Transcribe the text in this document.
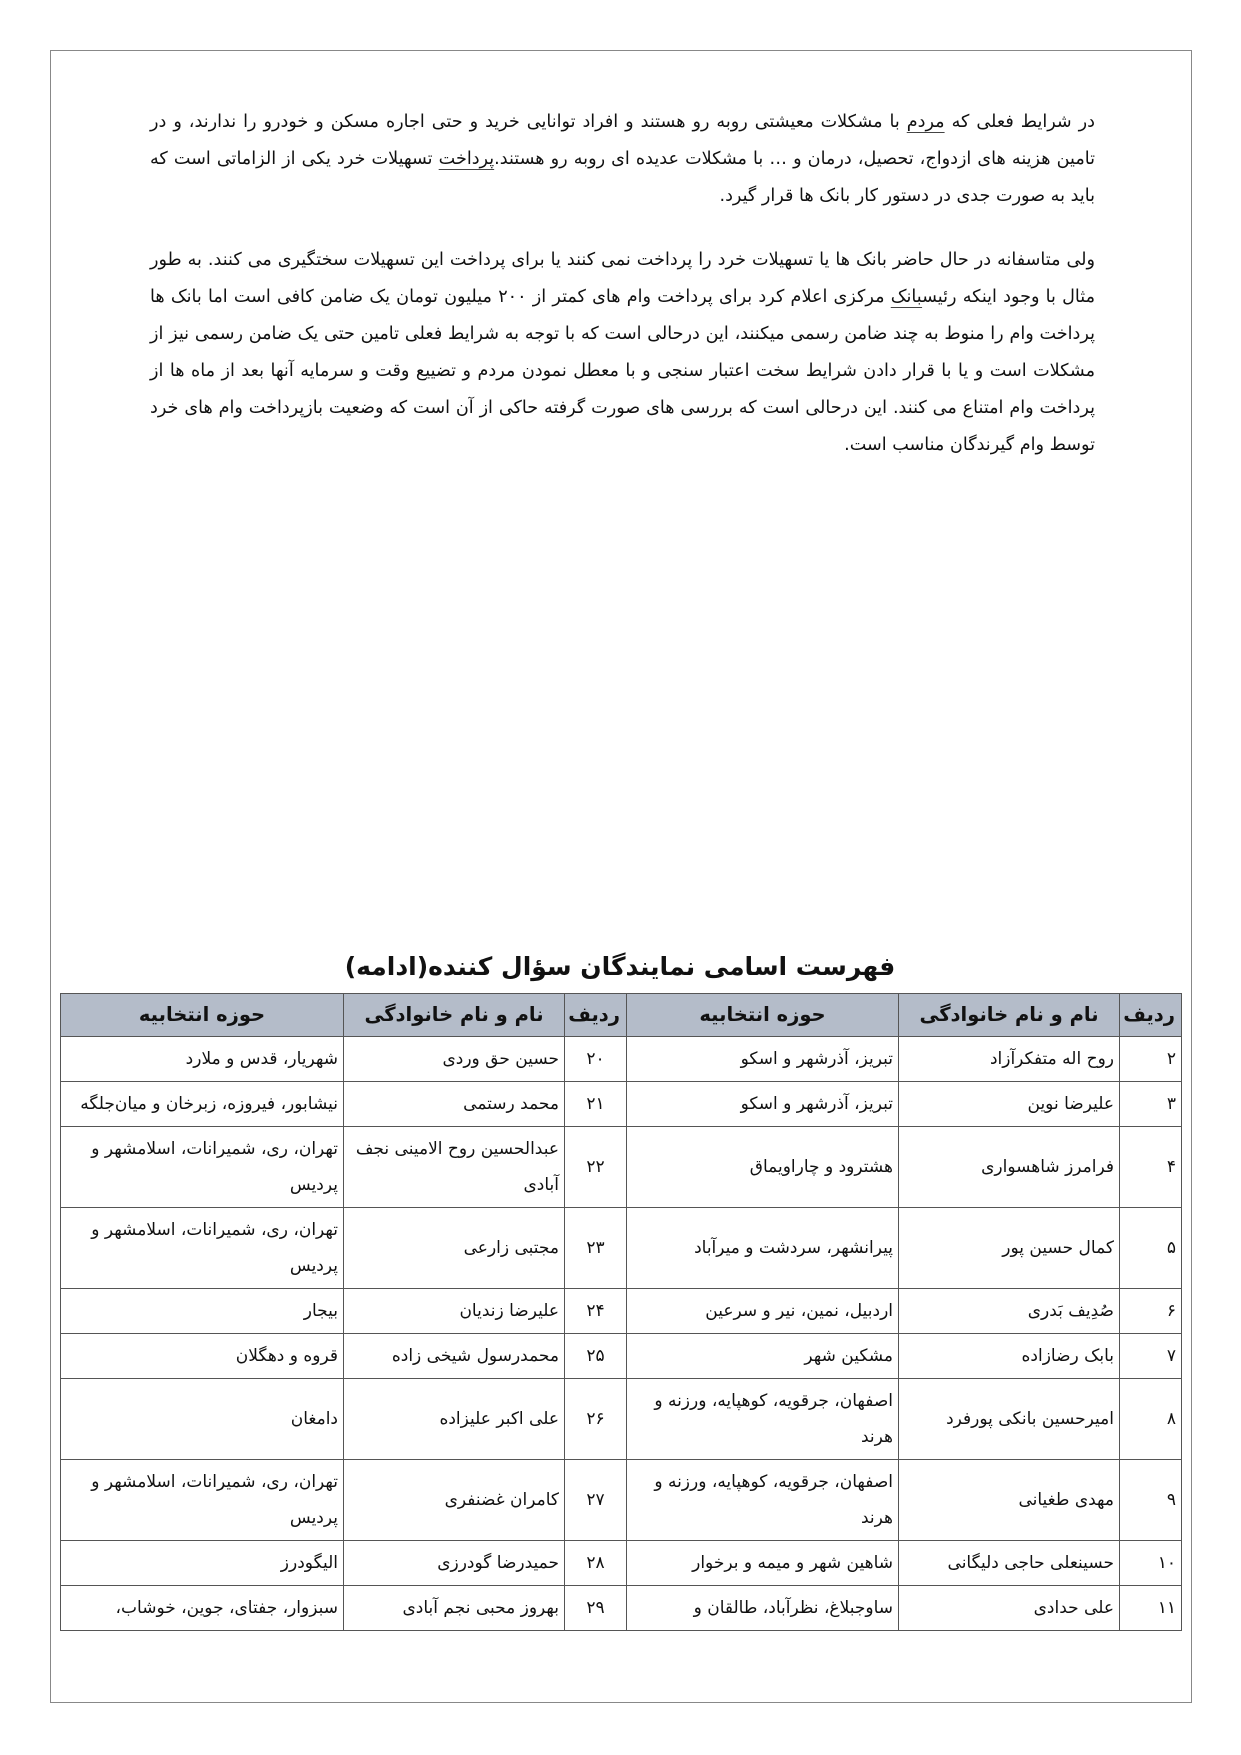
در شرایط فعلی که مردم با مشکلات معیشتی روبه رو هستند و افراد توانایی خرید و حتی اجاره مسکن و خودرو را ندارند، و در تامین هزینه های ازدواج، تحصیل، درمان و … با مشکلات عدیده ای روبه رو هستند.پرداخت تسهیلات خرد یکی از الزاماتی است که باید به صورت جدی در دستور کار بانک ها قرار گیرد.

ولی متاسفانه در حال حاضر بانک ها یا تسهیلات خرد را پرداخت نمی کنند یا برای پرداخت این تسهیلات سختگیری می کنند. به طور مثال با وجود اینکه رئیسبانک مرکزی اعلام کرد برای پرداخت وام های کمتر از ۲۰۰ میلیون تومان یک ضامن کافی است اما بانک ها پرداخت وام را منوط به چند ضامن رسمی میکنند، این درحالی است که با توجه به شرایط فعلی تامین حتی یک ضامن رسمی نیز از مشکلات است و یا با قرار دادن شرایط سخت اعتبار سنجی و با معطل نمودن مردم و تضییع وقت و سرمایه آنها بعد از ماه ها از پرداخت وام امتناع می کنند. این درحالی است که بررسی های صورت گرفته حاکی از آن است که وضعیت بازپرداخت وام های خرد توسط وام گیرندگان مناسب است.

فهرست اسامی نمایندگان سؤال کننده(ادامه)
ردیف	نام و نام خانوادگی	حوزه انتخابیه	ردیف	نام و نام خانوادگی	حوزه انتخابیه
۲	روح اله متفکرآزاد	تبریز، آذرشهر و اسکو	۲۰	حسین حق وردی	شهریار، قدس و ملارد
۳	علیرضا نوین	تبریز، آذرشهر و اسکو	۲۱	محمد رستمی	نیشابور، فیروزه، زبرخان و میان‌جلگه
۴	فرامرز شاهسواری	هشترود و چاراویماق	۲۲	عبدالحسین روح الامینی نجف آبادی	تهران، ری، شمیرانات، اسلامشهر و پردیس
۵	کمال حسین پور	پیرانشهر، سردشت و میرآباد	۲۳	مجتبی زارعی	تهران، ری، شمیرانات، اسلامشهر و پردیس
۶	صُدِیف بَدری	اردبیل، نمین، نیر و سرعین	۲۴	علیرضا زندیان	بیجار
۷	بابک رضازاده	مشکین شهر	۲۵	محمدرسول شیخی زاده	قروه و دهگلان
۸	امیرحسین بانکی پورفرد	اصفهان، جرقویه، کوهپایه، ورزنه و هرند	۲۶	علی اکبر علیزاده	دامغان
۹	مهدی طغیانی	اصفهان، جرقویه، کوهپایه، ورزنه و هرند	۲۷	کامران غضنفری	تهران، ری، شمیرانات، اسلامشهر و پردیس
۱۰	حسینعلی حاجی دلیگانی	شاهین شهر و میمه و برخوار	۲۸	حمیدرضا گودرزی	الیگودرز
۱۱	علی حدادی	ساوجبلاغ، نظرآباد، طالقان و	۲۹	بهروز محبی نجم آبادی	سبزوار، جفتای، جوین، خوشاب،
